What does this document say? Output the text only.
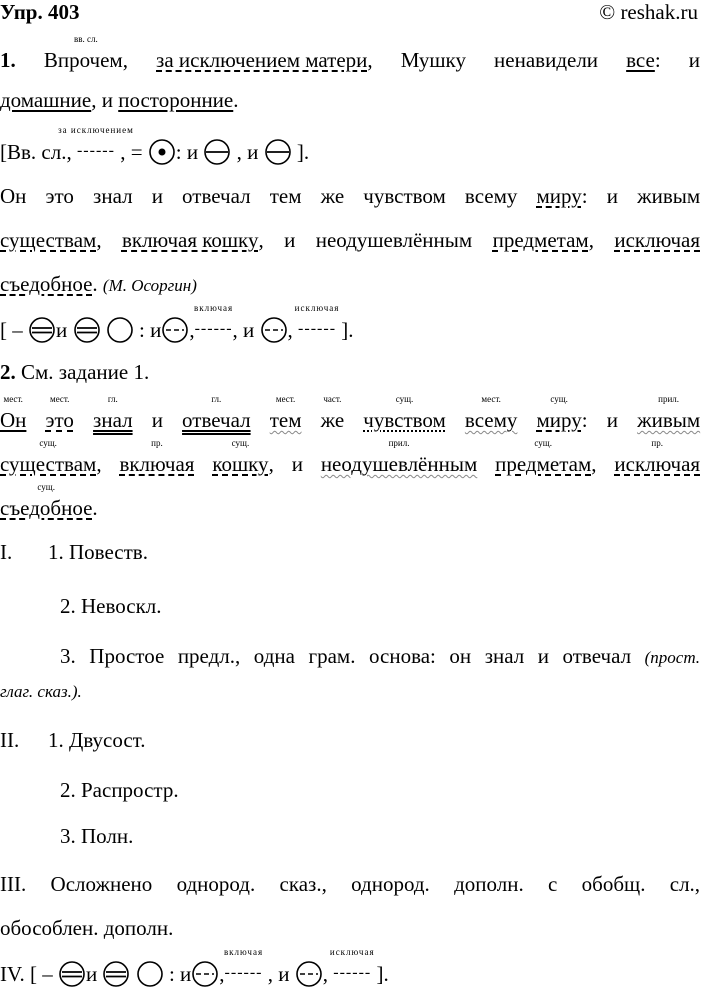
Упр. 403	© reshak.ru
1. Впрочем,
вв. сл.
за исключением матери, Мушку ненавидели все: и
домашние, и посторонние.
[Вв. сл., ------
за исключением
, = : и , и ].
Он это знал и отвечал тем же чувством всему миру: и живым
существам, включая кошку, и неодушевлённым предметам, исключая
съедобное. (М. Осоргин)
[ – и	: и ,------
включая
, и , ------
исключая
].
2. См. задание 1.
Он
мест.
это
мест.
знал
гл.
и отвечал
гл.
тем
мест.
же
част.
чувством
сущ.
всему
мест.
миру
сущ.
: и живым
прил.
существам
сущ.
, включая
пр.
кошку
сущ.
, и неодушевлённым
прил.
предметам
сущ.
, исключая
пр.
съедобное
сущ.
.
I. 1. Повеств.
2. Невоскл.
3. Простое предл., одна грам. основа: он знал и отвечал (прост.
глаг. сказ.).
II. 1. Двусост.
2. Распростр.
3. Полн.
III. Осложнено однород. сказ., однород. дополн. с обобщ. сл.,
обособлен. дополн.
IV. [ – и	: и ,------
включая
, и , ------
исключая
].
